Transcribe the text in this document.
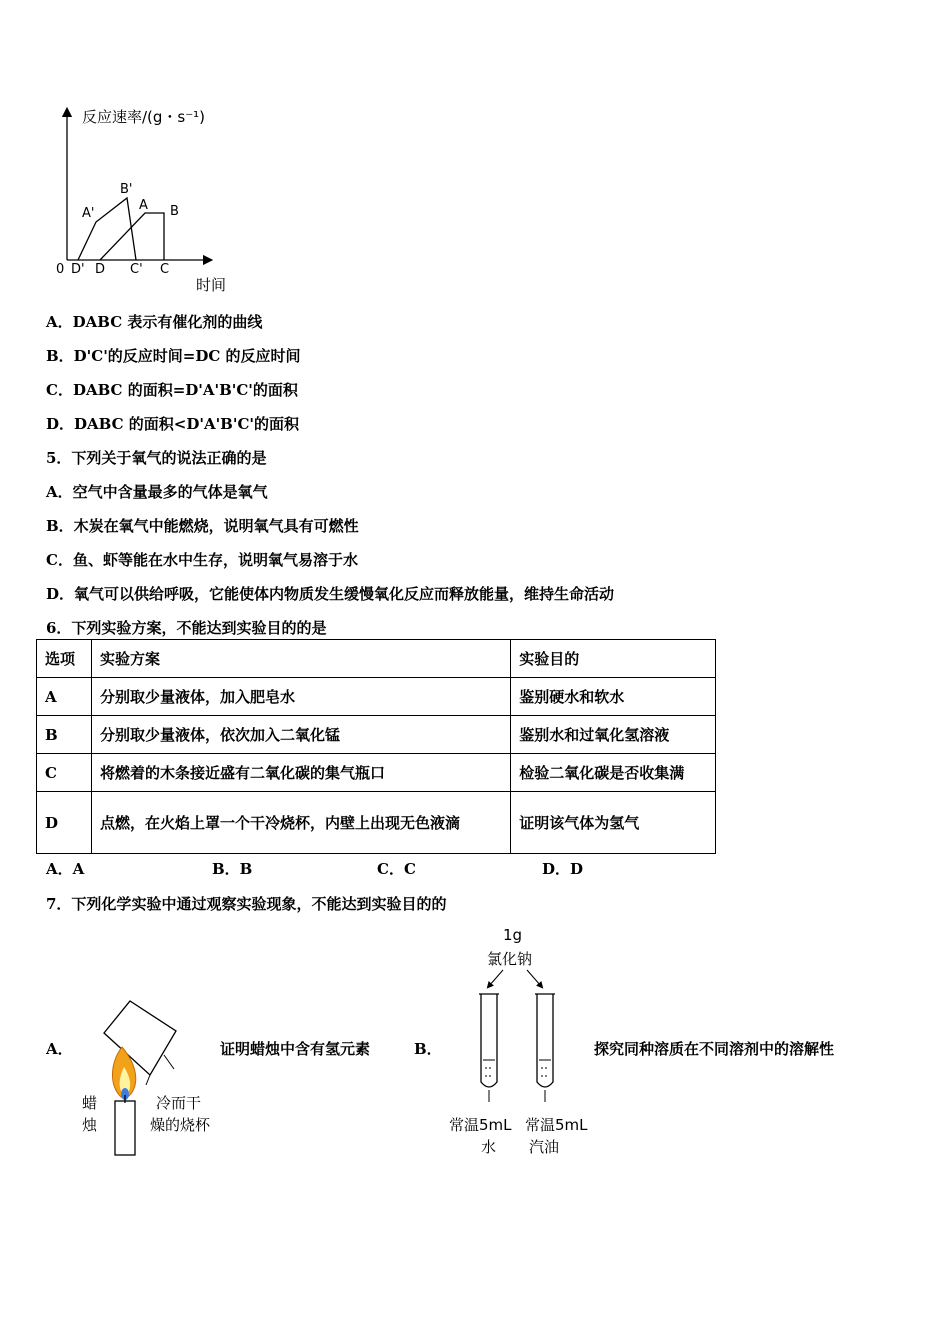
反应速率/(g・s⁻¹)
时间
0
A'
B'
A B
D' D C' C
A．DABC 表示有催化剂的曲线
B．D'C'的反应时间=DC 的反应时间
C．DABC 的面积=D'A'B'C'的面积
D．DABC 的面积<D'A'B'C'的面积
5．下列关于氧气的说法正确的是
A．空气中含量最多的气体是氧气
B．木炭在氧气中能燃烧，说明氧气具有可燃性
C．鱼、虾等能在水中生存，说明氧气易溶于水
D．氧气可以供给呼吸，它能使体内物质发生缓慢氧化反应而释放能量，维持生命活动
6．下列实验方案，不能达到实验目的的是
选项	实验方案	实验目的
A	分别取少量液体，加入肥皂水	鉴别硬水和软水
B	分别取少量液体，依次加入二氧化锰	鉴别水和过氧化氢溶液
C	将燃着的木条接近盛有二氧化碳的集气瓶口	检验二氧化碳是否收集满
D	点燃，在火焰上罩一个干冷烧杯，内壁上出现无色液滴	证明该气体为氢气
A．A	B．B	C．C	D．D
7．下列化学实验中通过观察实验现象，不能达到实验目的的
A．
蜡
烛
冷而干
燥的烧杯
证明蜡烛中含有氢元素	B．
1g
氯化钠
常温5mL
水
常温5mL
汽油
探究同种溶质在不同溶剂中的溶解性
